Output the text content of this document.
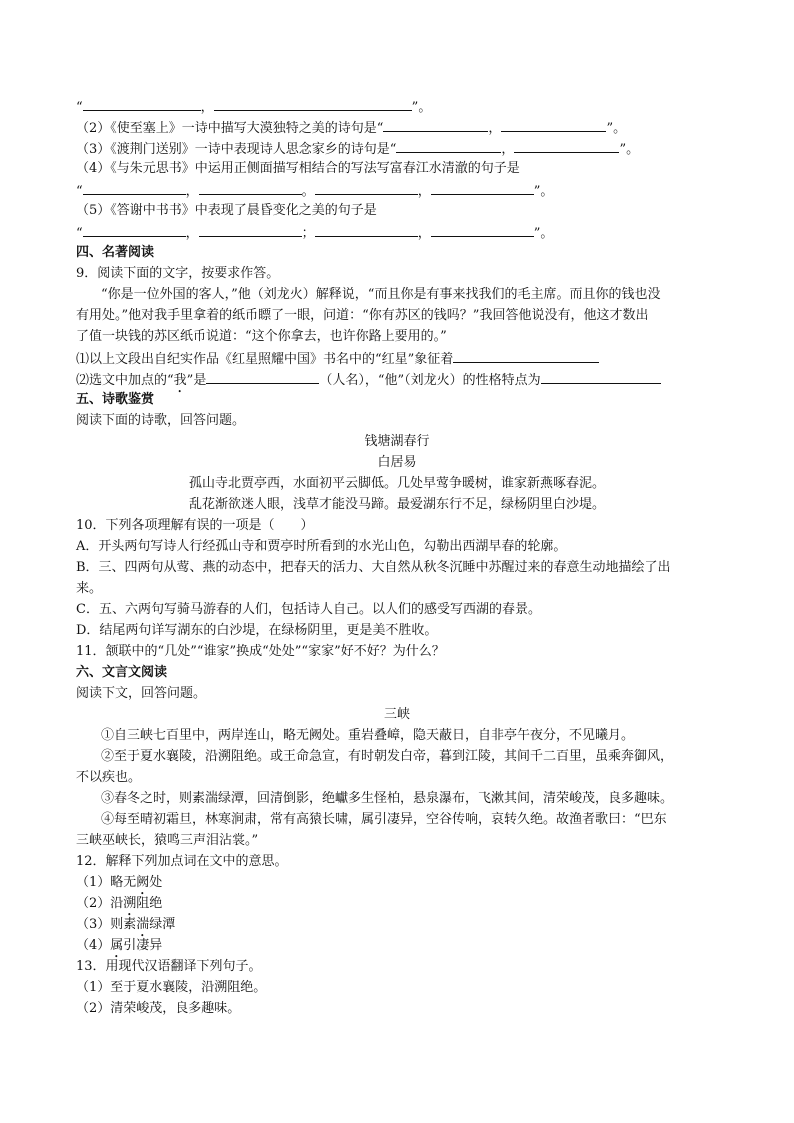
“	，	”。
（2）《使至塞上》一诗中描写大漠独特之美的诗句是“	，	”。
（3）《渡荆门送别》一诗中表现诗人思念家乡的诗句是“	，	”。
（4）《与朱元思书》中运用正侧面描写相结合的写法写富春江水清澈的句子是
“	，	。	，	”。
（5）《答谢中书书》中表现了晨昏变化之美的句子是
“	，	；	，	”。
四、名著阅读
9．阅读下面的文字，按要求作答。
“你是一位外国的客人，”他（刘龙火）解释说，“而且你是有事来找我们的毛主席。而且你的钱也没
有用处。”他对我手里拿着的纸币瞟了一眼，问道：“你有苏区的钱吗？”我回答他说没有，他这才数出
了值一块钱的苏区纸币说道：“这个你拿去，也许你路上要用的。”
⑴以上文段出自纪实作品《红星照耀中国》书名中的“红星”象征着
⑵选文中加点的“我”是	（人名），“他”（刘龙火）的性格特点为
五、诗歌鉴赏
阅读下面的诗歌，回答问题。
钱塘湖春行
白居易
孤山寺北贾亭西，水面初平云脚低。几处早莺争暖树，谁家新燕啄春泥。
乱花渐欲迷人眼，浅草才能没马蹄。最爱湖东行不足，绿杨阴里白沙堤。
10．下列各项理解有误的一项是（　　）
A．开头两句写诗人行经孤山寺和贾亭时所看到的水光山色，勾勒出西湖早春的轮廓。
B．三、四两句从莺、燕的动态中，把春天的活力、大自然从秋冬沉睡中苏醒过来的春意生动地描绘了出
来。
C．五、六两句写骑马游春的人们，包括诗人自己。以人们的感受写西湖的春景。
D．结尾两句详写湖东的白沙堤，在绿杨阴里，更是美不胜收。
11．颔联中的“几处”“谁家”换成“处处”“家家”好不好？为什么？
六、文言文阅读
阅读下文，回答问题。
三峡
①自三峡七百里中，两岸连山，略无阙处。重岩叠嶂，隐天蔽日，自非亭午夜分，不见曦月。
②至于夏水襄陵，沿溯阻绝。或王命急宣，有时朝发白帝，暮到江陵，其间千二百里，虽乘奔御风，
不以疾也。
③春冬之时，则素湍绿潭，回清倒影，绝巘多生怪柏，悬泉瀑布，飞漱其间，清荣峻茂，良多趣味。
④每至晴初霜旦，林寒涧肃，常有高猿长啸，属引凄异，空谷传响，哀转久绝。故渔者歌曰：“巴东
三峡巫峡长，猿鸣三声泪沾裳。”
12．解释下列加点词在文中的意思。
（1）略无阙处
（2）沿溯阻绝
（3）则素湍绿潭
（4）属引凄异
13．用现代汉语翻译下列句子。
（1）至于夏水襄陵，沿溯阻绝。
（2）清荣峻茂，良多趣味。
